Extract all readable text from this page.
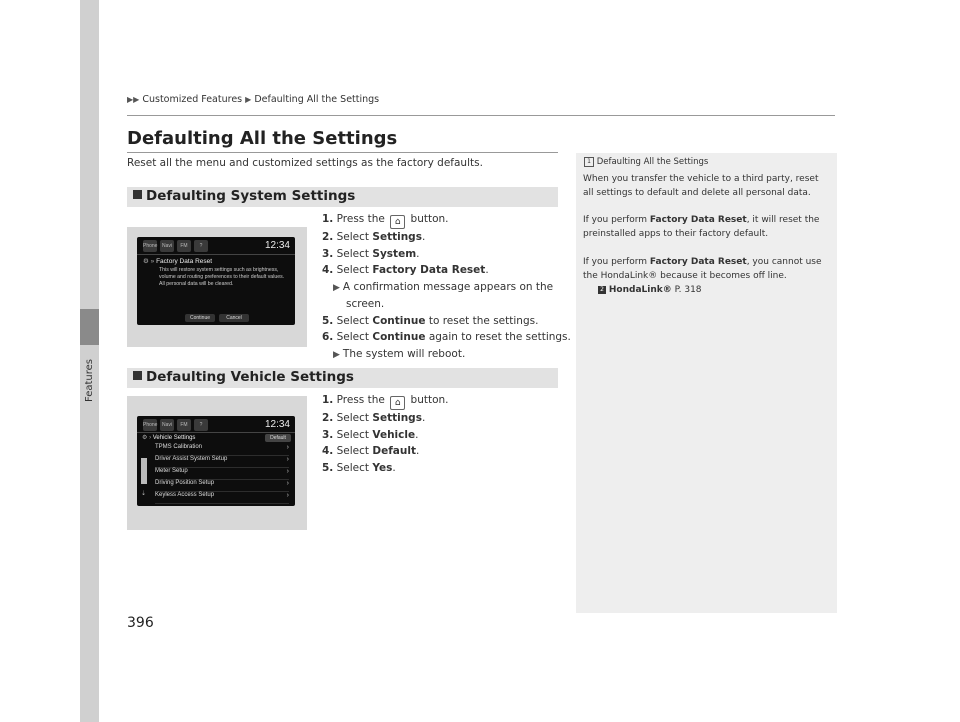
Features
▶▶ Customized Features ▶ Defaulting All the Settings
Defaulting All the Settings
Reset all the menu and customized settings as the factory defaults.
Defaulting System Settings
Phone Navi	FM	?	12:34
⚙ » Factory Data Reset
This will restore system settings such as brightness, volume and routing preferences to their default values. All personal data will be cleared.
Continue	Cancel
1. Press the ⌂ button.
2. Select Settings.
3. Select System.
4. Select Factory Data Reset.
▶ A confirmation message appears on the
screen.
5. Select Continue to reset the settings.
6. Select Continue again to reset the settings.
▶ The system will reboot.
Defaulting Vehicle Settings
Phone Navi	FM	?	12:34
⚙ › Vehicle Settings	Default
⇣
TPMS Calibration	›
Driver Assist System Setup	›
Meter Setup	›
Driving Position Setup	›
Keyless Access Setup	›
1. Press the ⌂ button.
2. Select Settings.
3. Select Vehicle.
4. Select Default.
5. Select Yes.
1 Defaulting All the Settings
When you transfer the vehicle to a third party, reset all settings to default and delete all personal data.
If you perform Factory Data Reset, it will reset the preinstalled apps to their factory default.
If you perform Factory Data Reset, you cannot use the HondaLink® because it becomes off line.
2 HondaLink® P. 318
396
